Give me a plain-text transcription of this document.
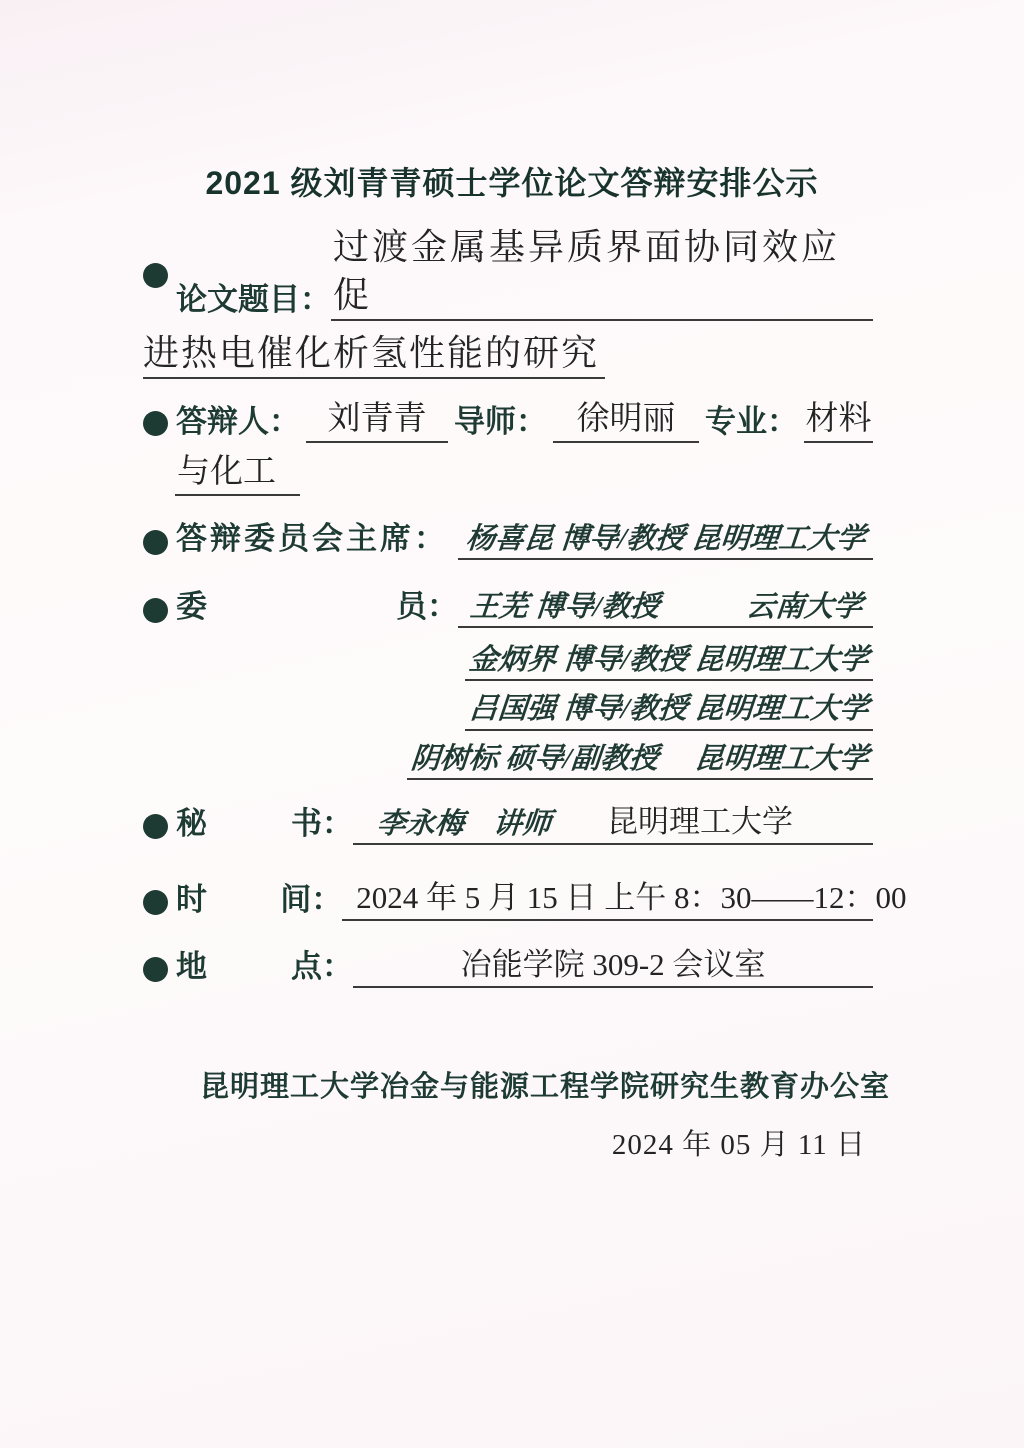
2021 级刘青青硕士学位论文答辩安排公示
论文题目：
过渡金属基异质界面协同效应促
进热电催化析氢性能的研究
答辩人： 刘青青 导师： 徐明丽 专业： 材料
与化工
答辩委员会主席： 杨喜昆 博导/教授 昆明理工大学
委	员： 王芜 博导/教授　　　云南大学
金炳界 博导/教授 昆明理工大学
吕国强 博导/教授 昆明理工大学
阴树标 硕导/副教授　 昆明理工大学
秘	书： 李永梅　讲师 昆明理工大学
时 间： 2024 年 5 月 15 日 上午 8：30——12：00
地	点：	冶能学院 309-2 会议室
昆明理工大学冶金与能源工程学院研究生教育办公室
2024 年 05 月 11 日
